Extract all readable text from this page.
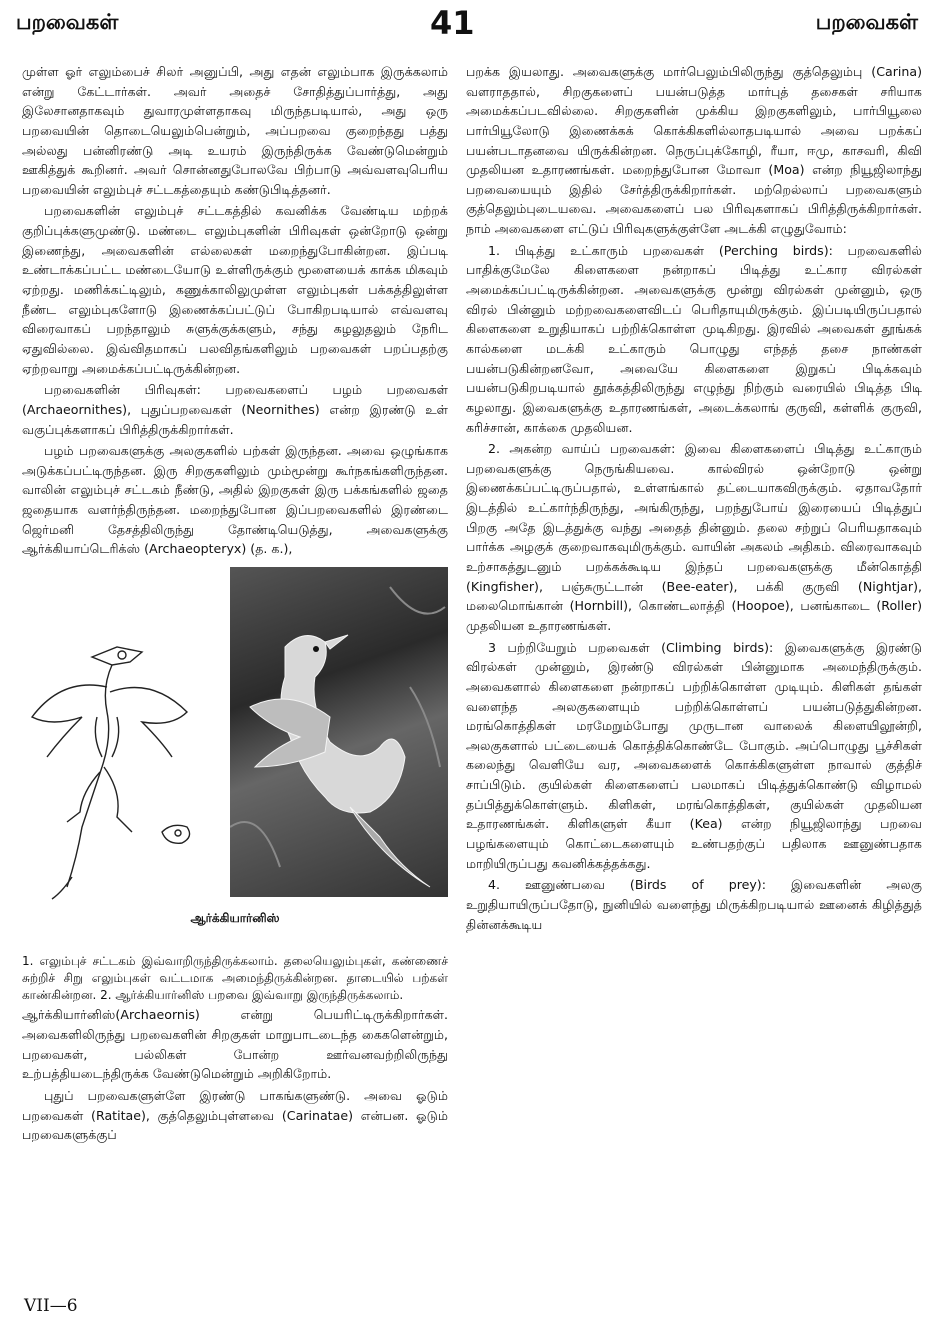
பறவைகள்	41	பறவைகள்

முள்ள ஓர் எலும்பைச் சிலர் அனுப்பி, அது எதன் எலும்பாக இருக்கலாம் என்று கேட்டார்கள். அவர் அதைச் சோதித்துப்பார்த்து, அது இலேசானதாகவும் துவாரமுள்ளதாகவு மிருந்தபடியால், அது ஒரு பறவையின் தொடையெலும்பென்றும், அப்பறவை குறைந்தது பத்து அல்லது பன்னிரண்டு அடி உயரம் இருந்திருக்க வேண்டுமென்றும் ஊகித்துக் கூறினர். அவர் சொன்னதுபோலவே பிற்பாடு அவ்வளவுபெரிய பறவையின் எலும்புச் சட்டகத்தையும் கண்டுபிடித்தனர்.

பறவைகளின் எலும்புச் சட்டகத்தில் கவனிக்க வேண்டிய மற்றக் குறிப்புக்களுமுண்டு. மண்டை எலும்புகளின் பிரிவுகள் ஒன்றோடு ஒன்று இணைந்து, அவைகளின் எல்லைகள் மறைந்துபோகின்றன. இப்படி உண்டாக்கப்பட்ட மண்டையோடு உள்ளிருக்கும் மூளையைக் காக்க மிகவும் ஏற்றது. மணிக்கட்டிலும், கணுக்காலிலுமுள்ள எலும்புகள் பக்கத்திலுள்ள நீண்ட எலும்புகளோடு இணைக்கப்பட்டுப் போகிறபடியால் எவ்வளவு விரைவாகப் பறந்தாலும் சுளுக்குக்களும், சந்து கழலுதலும் நேரிட ஏதுவில்லை. இவ்விதமாகப் பலவிதங்களிலும் பறவைகள் பறப்பதற்கு ஏற்றவாறு அமைக்கப்பட்டிருக்கின்றன.

பறவைகளின் பிரிவுகள்: பறவைகளைப் பழம் பறவைகள் (Archaeornithes), புதுப்பறவைகள் (Neornithes) என்ற இரண்டு உள் வகுப்புக்களாகப் பிரித்திருக்கிறார்கள்.

பழம் பறவைகளுக்கு அலகுகளில் பற்கள் இருந்தன. அவை ஒழுங்காக அடுக்கப்பட்டிருந்தன. இரு சிறகுகளிலும் மும்மூன்று கூர்நகங்களிருந்தன. வாலின் எலும்புச் சட்டகம் நீண்டு, அதில் இறகுகள் இரு பக்கங்களில் ஜதை ஜதையாக வளர்ந்திருந்தன. மறைந்துபோன இப்பறவைகளில் இரண்டை ஜெர்மனி தேசத்திலிருந்து தோண்டியெடுத்து, அவைகளுக்கு ஆர்க்கியாப்டெரிக்ஸ் (Archaeopteryx) (த. க.),

ஆர்க்கியார்னிஸ்

1. எலும்புச் சட்டகம் இவ்வாறிருந்திருக்கலாம். தலையெலும்புகள், கண்ணைச் சுற்றிச் சிறு எலும்புகள் வட்டமாக அமைந்திருக்கின்றன. தாடையில் பற்கள் காண்கின்றன. 2. ஆர்க்கியார்னிஸ் பறவை இவ்வாறு இருந்திருக்கலாம்.

ஆர்க்கியார்னிஸ்(Archaeornis) என்று பெயரிட்டிருக்கிறார்கள். அவைகளிலிருந்து பறவைகளின் சிறகுகள் மாறுபாடடைந்த கைகளென்றும், பறவைகள், பல்லிகள் போன்ற ஊர்வனவற்றிலிருந்து உற்பத்தியடைந்திருக்க வேண்டுமென்றும் அறிகிறோம்.

புதுப் பறவைகளுள்ளே இரண்டு பாகங்களுண்டு. அவை ஓடும் பறவைகள் (Ratitae), குத்தெலும்புள்ளவை (Carinatae) என்பன. ஓடும் பறவைகளுக்குப்

பறக்க இயலாது. அவைகளுக்கு மார்பெலும்பிலிருந்து குத்தெலும்பு (Carina) வளராததால், சிறகுகளைப் பயன்படுத்த மார்புத் தசைகள் சரியாக அமைக்கப்படவில்லை. சிறகுகளின் முக்கிய இறகுகளிலும், பார்பியூலை பார்பியூலோடு இணைக்கக் கொக்கிகளில்லாதபடியால் அவை பறக்கப் பயன்படாதனவை யிருக்கின்றன. நெருப்புக்கோழி, ரீயா, ஈமு, காசவரி, கிவி முதலியன உதாரணங்கள். மறைந்துபோன மோவா (Moa) என்ற நியூஜிலாந்து பறவையையும் இதில் சேர்த்திருக்கிறார்கள். மற்றெல்லாப் பறவைகளும் குத்தெலும்புடையவை. அவைகளைப் பல பிரிவுகளாகப் பிரித்திருக்கிறார்கள். நாம் அவைகளை எட்டுப் பிரிவுகளுக்குள்ளே அடக்கி எழுதுவோம்:

1. பிடித்து உட்காரும் பறவைகள் (Perching birds): பறவைகளில் பாதிக்குமேலே கிளைகளை நன்றாகப் பிடித்து உட்கார விரல்கள் அமைக்கப்பட்டிருக்கின்றன. அவைகளுக்கு மூன்று விரல்கள் முன்னும், ஒரு விரல் பின்னும் மற்றவைகளைவிடப் பெரிதாயுமிருக்கும். இப்படியிருப்பதால் கிளைகளை உறுதியாகப் பற்றிக்கொள்ள முடிகிறது. இரவில் அவைகள் தூங்கக் கால்களை மடக்கி உட்காரும் பொழுது எந்தத் தசை நாண்கள் பயன்படுகின்றனவோ, அவையே கிளைகளை இறுகப் பிடிக்கவும் பயன்படுகிறபடியால் தூக்கத்திலிருந்து எழுந்து நிற்கும் வரையில் பிடித்த பிடி கழலாது. இவைகளுக்கு உதாரணங்கள், அடைக்கலாங் குருவி, கள்ளிக் குருவி, கரிச்சான், காக்கை முதலியன.

2. அகன்ற வாய்ப் பறவைகள்: இவை கிளைகளைப் பிடித்து உட்காரும் பறவைகளுக்கு நெருங்கியவை. கால்விரல் ஒன்றோடு ஒன்று இணைக்கப்பட்டிருப்பதால், உள்ளங்கால் தட்டையாகவிருக்கும். ஏதாவதோர் இடத்தில் உட்கார்ந்திருந்து, அங்கிருந்து, பறந்துபோய் இரையைப் பிடித்துப் பிறகு அதே இடத்துக்கு வந்து அதைத் தின்னும். தலை சற்றுப் பெரியதாகவும் பார்க்க அழகுக் குறைவாகவுமிருக்கும். வாயின் அகலம் அதிகம். விரைவாகவும் உற்சாகத்துடனும் பறக்கக்கூடிய இந்தப் பறவைகளுக்கு மீன்கொத்தி (Kingfisher), பஞ்சுருட்டான் (Bee-eater), பக்கி குருவி (Nightjar), மலைமொங்கான் (Hornbill), கொண்டலாத்தி (Hoopoe), பனங்காடை (Roller) முதலியன உதாரணங்கள்.

3 பற்றியேறும் பறவைகள் (Climbing birds): இவைகளுக்கு இரண்டு விரல்கள் முன்னும், இரண்டு விரல்கள் பின்னுமாக அமைந்திருக்கும். அவைகளால் கிளைகளை நன்றாகப் பற்றிக்கொள்ள முடியும். கிளிகள் தங்கள் வளைந்த அலகுகளையும் பற்றிக்கொள்ளப் பயன்படுத்துகின்றன. மரங்கொத்திகள் மரமேறும்போது முருடான வாலைக் கிளையிலூன்றி, அலகுகளால் பட்டையைக் கொத்திக்கொண்டே போகும். அப்பொழுது பூச்சிகள் கலைந்து வெளியே வர, அவைகளைக் கொக்கிகளுள்ள நாவால் குத்திச் சாப்பிடும். குயில்கள் கிளைகளைப் பலமாகப் பிடித்துக்கொண்டு விழாமல் தப்பித்துக்கொள்ளும். கிளிகள், மரங்கொத்திகள், குயில்கள் முதலியன உதாரணங்கள். கிளிகளுள் கீயா (Kea) என்ற நியூஜிலாந்து பறவை பழங்களையும் கொட்டைகளையும் உண்பதற்குப் பதிலாக ஊனுண்பதாக மாறியிருப்பது கவனிக்கத்தக்கது.

4. ஊனுண்பவை (Birds of prey): இவைகளின் அலகு உறுதியாயிருப்பதோடு, நுனியில் வளைந்து மிருக்கிறபடியால் ஊனைக் கிழித்துத் தின்னக்கூடிய

VII—6
